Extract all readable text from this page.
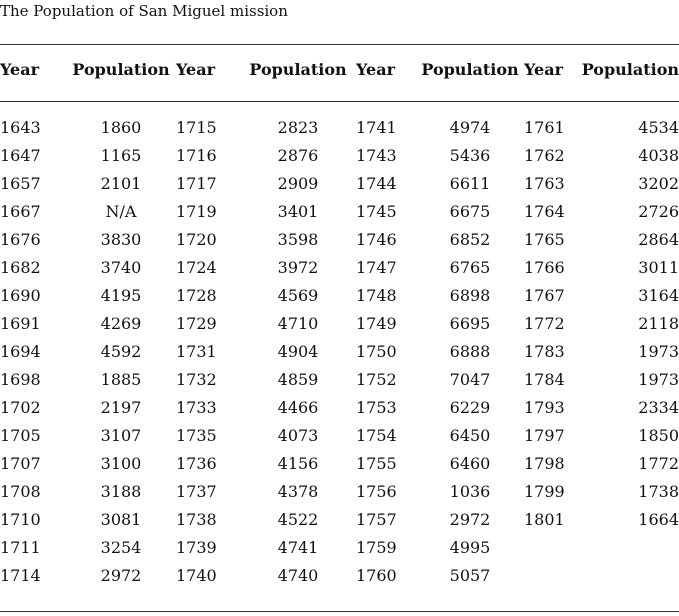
The Population of San Miguel mission
Year	Population	Year	Population	Year	Population	Year	Population
1643	1860	1715	2823	1741	4974	1761	4534
1647	1165	1716	2876	1743	5436	1762	4038
1657	2101	1717	2909	1744	6611	1763	3202
1667	N/A	1719	3401	1745	6675	1764	2726
1676	3830	1720	3598	1746	6852	1765	2864
1682	3740	1724	3972	1747	6765	1766	3011
1690	4195	1728	4569	1748	6898	1767	3164
1691	4269	1729	4710	1749	6695	1772	2118
1694	4592	1731	4904	1750	6888	1783	1973
1698	1885	1732	4859	1752	7047	1784	1973
1702	2197	1733	4466	1753	6229	1793	2334
1705	3107	1735	4073	1754	6450	1797	1850
1707	3100	1736	4156	1755	6460	1798	1772
1708	3188	1737	4378	1756	1036	1799	1738
1710	3081	1738	4522	1757	2972	1801	1664
1711	3254	1739	4741	1759	4995		
1714	2972	1740	4740	1760	5057		
